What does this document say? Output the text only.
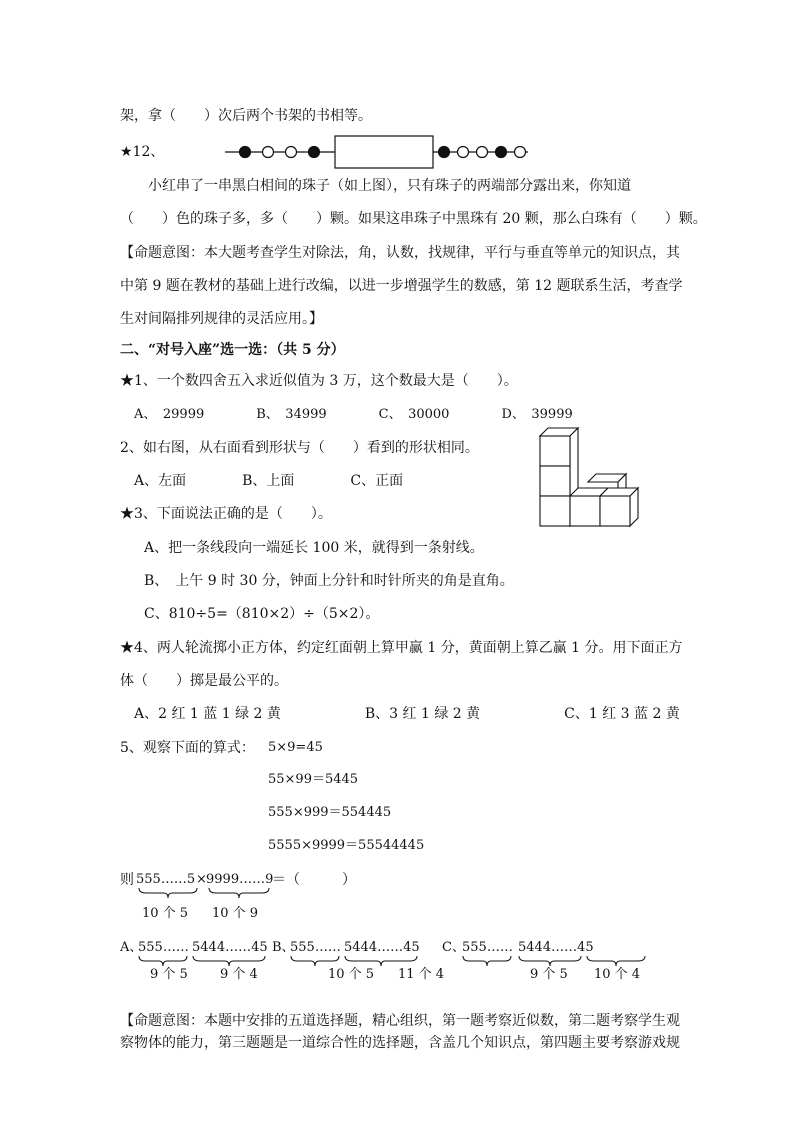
架，拿（　　）次后两个书架的书相等。
★12、
　　小红串了一串黑白相间的珠子（如上图），只有珠子的两端部分露出来，你知道
（　　）色的珠子多，多（　　）颗。如果这串珠子中黑珠有 20 颗，那么白珠有（　　）颗。
【命题意图：本大题考查学生对除法，角，认数，找规律，平行与垂直等单元的知识点，其
中第 9 题在教材的基础上进行改编，以进一步增强学生的数感，第 12 题联系生活，考查学
生对间隔排列规律的灵活应用。】
二、“对号入座”选一选：（共 5 分）
★1、一个数四舍五入求近似值为 3 万，这个数最大是（　　）。
A、　29999　　　　B、　34999　　　　C、　30000　　　　D、　39999
2、如右图，从右面看到形状与（　　）看到的形状相同。
A、左面　　　　B、上面　　　　C、正面
★3、下面说法正确的是（　　）。
A、把一条线段向一端延长 100 米，就得到一条射线。
B、　上午 9 时 30 分，钟面上分针和时针所夹的角是直角。
C、810÷5=（810×2）÷（5×2）。
★4、两人轮流掷小正方体，约定红面朝上算甲赢 1 分，黄面朝上算乙赢 1 分。用下面正方
体（　　）掷是最公平的。
A、2 红 1 蓝 1 绿 2 黄　　　　　　B、3 红 1 绿 2 黄　　　　　　C、1 红 3 蓝 2 黄
5、观察下面的算式： 5×9=45
55×99＝5445
555×999＝554445
5555×9999＝55544445
则 555……5 × 9999……9
＝（　　　）
10 个 5 10 个 9
A、
555…… 5444……45 B、
555…… 5444……45 C、
555…… 5444……45
9 个 5 9 个 4	10 个 5 11 个 4	9 个 5 10 个 4
【命题意图：本题中安排的五道选择题，精心组织，第一题考察近似数，第二题考察学生观
察物体的能力，第三题题是一道综合性的选择题，含盖几个知识点，第四题主要考察游戏规
